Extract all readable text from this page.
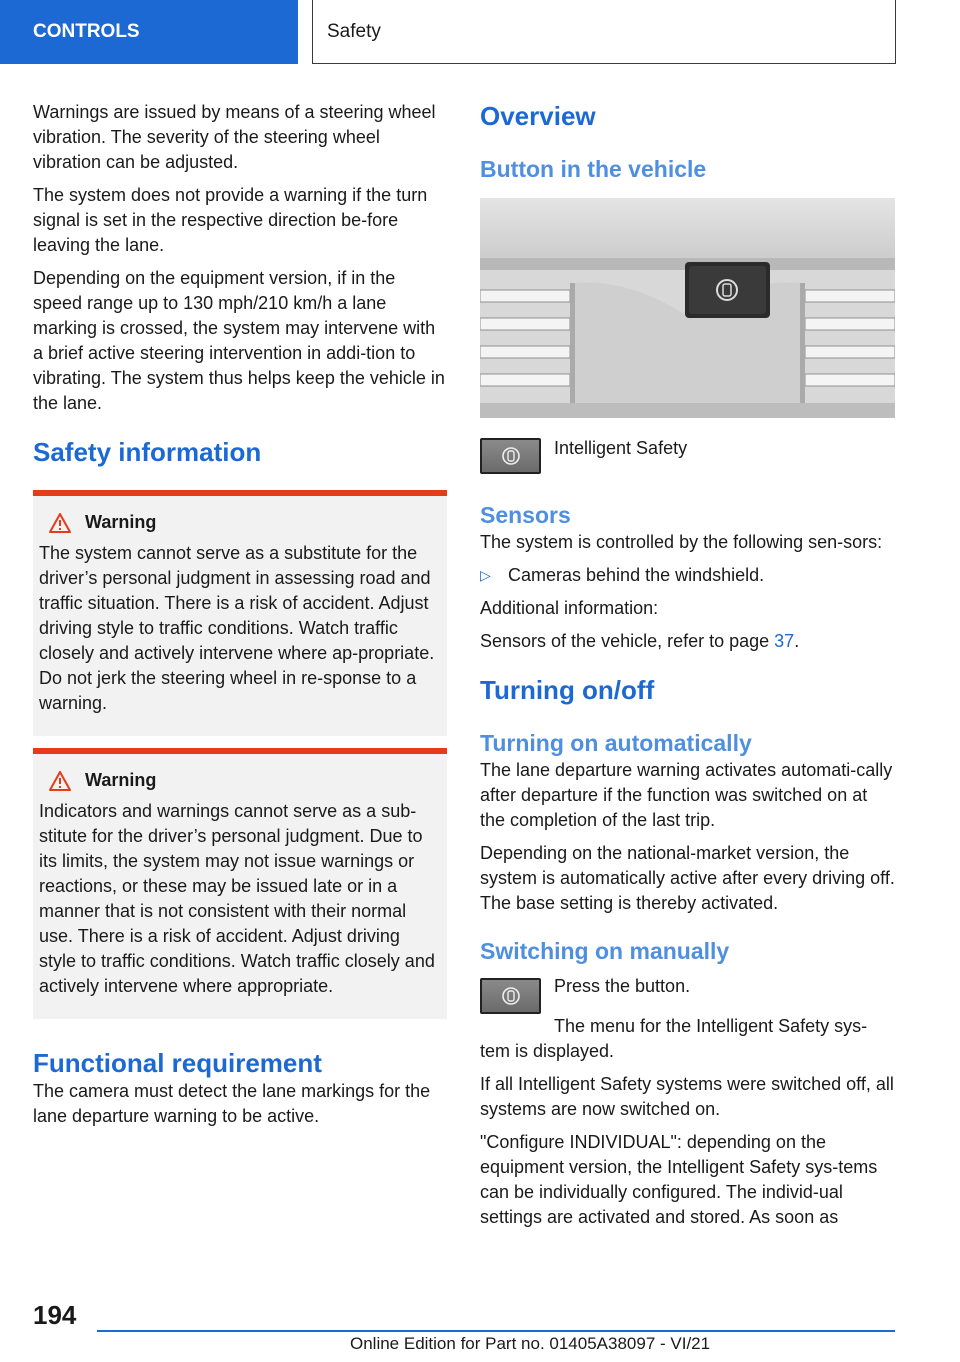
CONTROLS	Safety

Warnings are issued by means of a steering wheel vibration. The severity of the steering wheel vibration can be adjusted.

The system does not provide a warning if the turn signal is set in the respective direction be-fore leaving the lane.

Depending on the equipment version, if in the speed range up to 130 mph/210 km/h a lane marking is crossed, the system may intervene with a brief active steering intervention in addi-tion to vibrating. The system thus helps keep the vehicle in the lane.

Safety information
Warning

The system cannot serve as a substitute for the driver’s personal judgment in assessing road and traffic situation. There is a risk of accident. Adjust driving style to traffic conditions. Watch traffic closely and actively intervene where ap-propriate. Do not jerk the steering wheel in re-sponse to a warning.

Warning

Indicators and warnings cannot serve as a sub-stitute for the driver’s personal judgment. Due to its limits, the system may not issue warnings or reactions, or these may be issued late or in a manner that is not consistent with their normal use. There is a risk of accident. Adjust driving style to traffic conditions. Watch traffic closely and actively intervene where appropriate.

Functional requirement

The camera must detect the lane markings for the lane departure warning to be active.

Overview
Button in the vehicle

Intelligent Safety

Sensors

The system is controlled by the following sen-sors:

▷ Cameras behind the windshield.

Additional information:

Sensors of the vehicle, refer to page 37.

Turning on/off
Turning on automatically

The lane departure warning activates automati-cally after departure if the function was switched on at the completion of the last trip.

Depending on the national-market version, the system is automatically active after every driving off. The base setting is thereby activated.

Switching on manually

Press the button.

The menu for the Intelligent Safety sys-tem is displayed.

If all Intelligent Safety systems were switched off, all systems are now switched on.

"Configure INDIVIDUAL": depending on the equipment version, the Intelligent Safety sys-tems can be individually configured. The individ-ual settings are activated and stored. As soon as

194
Online Edition for Part no. 01405A38097 - VI/21
